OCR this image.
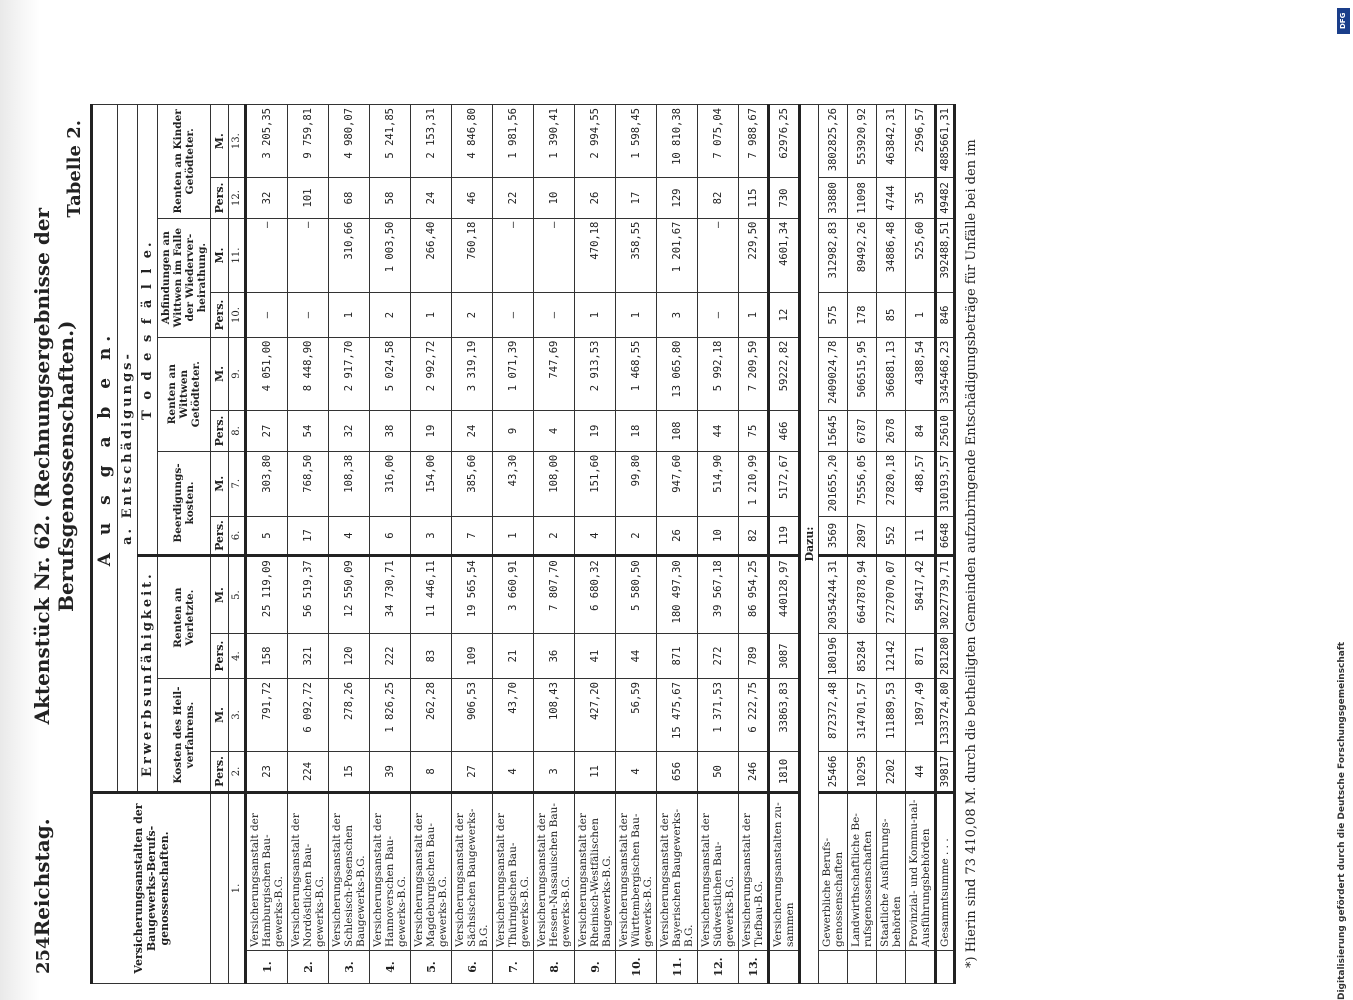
DFG
Digitalisierung gefördert durch die Deutsche Forschungsgemeinschaft
254
Reichstag.
Aktenstück Nr. 62. (Rechnungsergebnisse der Berufsgenossenschaften.)
Tabelle 2.
Versicherungsanstalten der Baugewerks-Berufs-genossenschaften.		A u s g a b e n.											
		a. Entschädigungs-											
		Erwerbsunfähigkeit.				T o d e s f ä l l e.							
		Kosten des Heil-verfahrens.		Renten an Verletzte.		Beerdigungs-kosten.		Renten an Wittwen Getödteter.		Abfindungen an Wittwen im Falle der Wiederver-heirathung.		Renten an Kinder Getödteter.	
		Pers.	M.	Pers.	M.	Pers.	M.	Pers.	M.	Pers.	M.	Pers.	M.
1.		2.	3.	4.	5.	6.	7.	8.	9.	10.	11.	12.	13.
1.	Versicherungsanstalt der Hamburgischen Bau-gewerks-B.G.	23	791,72	158	25 119,09	5	303,80	27	4 051,00	—	—	32	3 205,35
2.	Versicherungsanstalt der Nordöstlichen Bau-gewerks-B.G.	224	6 092,72	321	56 519,37	17	768,50	54	8 448,90	—	—	101	9 759,81
3.	Versicherungsanstalt der Schlesisch-Posenschen Baugewerks-B.G.	15	278,26	120	12 550,09	4	108,38	32	2 917,70	1	310,66	68	4 980,07
4.	Versicherungsanstalt der Hannoverschen Bau-gewerks-B.G.	39	1 826,25	222	34 730,71	6	316,00	38	5 024,58	2	1 003,50	58	5 241,85
5.	Versicherungsanstalt der Magdeburgischen Bau-gewerks-B.G.	8	262,28	83	11 446,11	3	154,00	19	2 992,72	1	266,40	24	2 153,31
6.	Versicherungsanstalt der Sächsischen Baugewerks-B.G.	27	906,53	109	19 565,54	7	385,60	24	3 319,19	2	760,18	46	4 846,80
7.	Versicherungsanstalt der Thüringischen Bau-gewerks-B.G.	4	43,70	21	3 660,91	1	43,30	9	1 071,39	—	—	22	1 981,56
8.	Versicherungsanstalt der Hessen-Nassauischen Bau-gewerks-B.G.	3	108,43	36	7 807,70	2	108,00	4	747,69	—	—	10	1 390,41
9.	Versicherungsanstalt der Rheinisch-Westfälischen Baugewerks-B.G.	11	427,20	41	6 680,32	4	151,60	19	2 913,53	1	470,18	26	2 994,55
10.	Versicherungsanstalt der Württembergischen Bau-gewerks-B.G.	4	56,59	44	5 580,50	2	99,80	18	1 468,55	1	358,55	17	1 598,45
11.	Versicherungsanstalt der Bayerischen Baugewerks-B.G.	656	15 475,67	871	180 497,30	26	947,60	108	13 065,80	3	1 201,67	129	10 810,38
12.	Versicherungsanstalt der Südwestlichen Bau-gewerks-B.G.	50	1 371,53	272	39 567,18	10	514,90	44	5 992,18	—	—	82	7 075,04
13.	Versicherungsanstalt der Tiefbau-B.G.	246	6 222,75	789	86 954,25	82	1 210,99	75	7 209,59	1	229,50	115	7 988,67
	Versicherungsanstalten zu-sammen	1810	33863,83	3087	440128,97	119	5172,67	466	59222,82	12	4601,34	730	62976,25
Dazu:													
	Gewerbliche Berufs-genossenschaften	25466	872372,48	180196	20354244,31	3569	201655,20	15645	2409024,78	575	312982,83	33880	3802825,26
	Landwirthschaftliche Be-rufsgenossenschaften	10295	314701,57	85284	6647878,94	2897	75556,05	6787	506515,95	178	89492,26	11098	553920,92
	Staatliche Ausführungs-behörden	2202	111889,53	12142	2727070,07	552	27820,18	2678	366881,13	85	34886,48	4744	463842,31
	Provinzial- und Kommu-nal-Ausführungsbehörden	44	1897,49	871	58417,42	11	488,57	84	4388,54	1	525,60	35	2596,57
	Gesammtsumme . . .	39817	1333724,80	281280	30227739,71	6648	310193,57	25610	3345468,23	846	392488,51	49482	4885661,31	*) Hierin sind 73 410,08 M. durch die betheiligten Gemeinden aufzubringende Entschädigungsbeträge für Unfälle bei den im
